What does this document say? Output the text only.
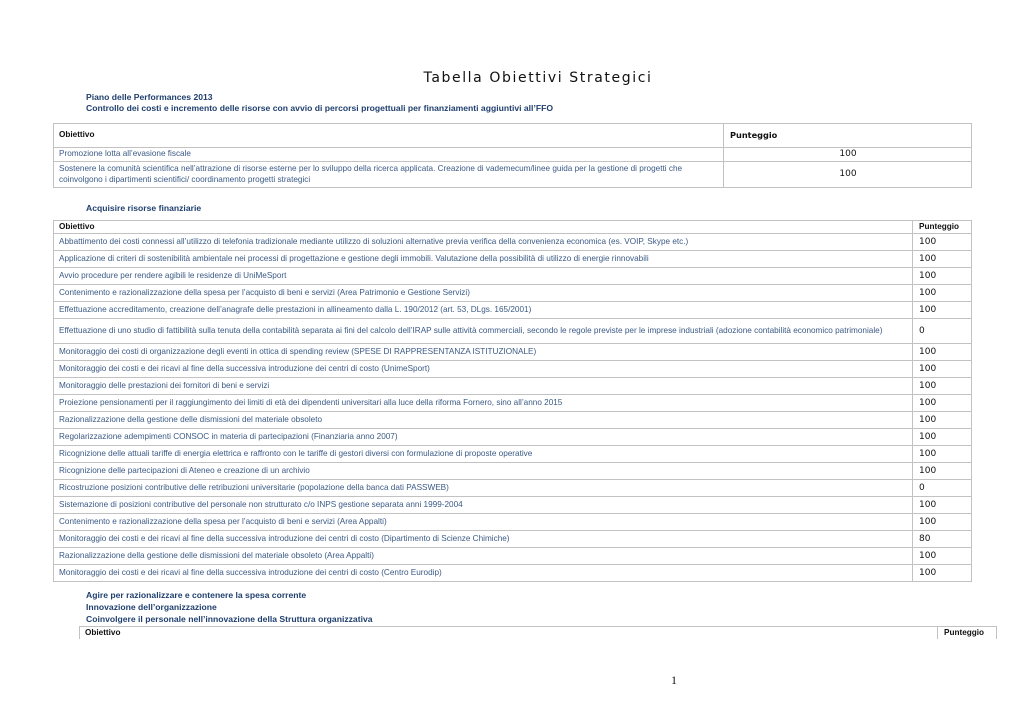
Tabella Obiettivi Strategici
Piano delle Performances 2013
Controllo dei costi e incremento delle risorse con avvio di percorsi progettuali per finanziamenti aggiuntivi all’FFO
Obiettivo	Punteggio
Promozione lotta all’evasione fiscale	100
Sostenere la comunità scientifica nell’attrazione di risorse esterne per lo sviluppo della ricerca applicata. Creazione di vademecum/linee guida per la gestione di progetti che coinvolgono i dipartimenti scientifici/ coordinamento progetti strategici	100
Acquisire risorse finanziarie
Obiettivo	Punteggio
Abbattimento dei costi connessi all’utilizzo di telefonia tradizionale mediante utilizzo di soluzioni alternative previa verifica della convenienza economica (es. VOIP, Skype etc.)	100
Applicazione di criteri di sostenibilità ambientale nei processi di progettazione e gestione degli immobili. Valutazione della possibilità di utilizzo di energie rinnovabili	100
Avvio procedure per rendere agibili le residenze di UniMeSport	100
Contenimento e razionalizzazione della spesa per l’acquisto di beni e servizi (Area Patrimonio e Gestione Servizi)	100
Effettuazione accreditamento, creazione dell’anagrafe delle prestazioni in allineamento dalla L. 190/2012 (art. 53, DLgs. 165/2001)	100
Effettuazione di uno studio di fattibilità sulla tenuta della contabilità separata ai fini del calcolo dell’IRAP sulle attività commerciali, secondo le regole previste per le imprese industriali (adozione contabilità economico patrimoniale)	0
Monitoraggio dei costi di organizzazione degli eventi in ottica di spending review (SPESE DI RAPPRESENTANZA ISTITUZIONALE)	100
Monitoraggio dei costi e dei ricavi al fine della successiva introduzione dei centri di costo (UnimeSport)	100
Monitoraggio delle prestazioni dei fornitori di beni e servizi	100
Proiezione pensionamenti per il raggiungimento dei limiti di età dei dipendenti universitari alla luce della riforma Fornero, sino all’anno 2015	100
Razionalizzazione della gestione delle dismissioni del materiale obsoleto	100
Regolarizzazione adempimenti CONSOC in materia di partecipazioni (Finanziaria anno 2007)	100
Ricognizione delle attuali tariffe di energia elettrica e raffronto con le tariffe di gestori diversi con formulazione di proposte operative	100
Ricognizione delle partecipazioni di Ateneo e creazione di un archivio	100
Ricostruzione posizioni contributive delle retribuzioni universitarie (popolazione della banca dati PASSWEB)	0
Sistemazione di posizioni contributive del personale non strutturato c/o INPS gestione separata anni 1999-2004	100
Contenimento e razionalizzazione della spesa per l’acquisto di beni e servizi (Area Appalti)	100
Monitoraggio dei costi e dei ricavi al fine della successiva introduzione dei centri di costo (Dipartimento di Scienze Chimiche)	80
Razionalizzazione della gestione delle dismissioni del materiale obsoleto (Area Appalti)	100
Monitoraggio dei costi e dei ricavi al fine della successiva introduzione dei centri di costo (Centro Eurodip)	100
Agire per razionalizzare e contenere la spesa corrente
Innovazione dell’organizzazione
Coinvolgere il personale nell’innovazione della Struttura organizzativa
Obiettivo	Punteggio
1
